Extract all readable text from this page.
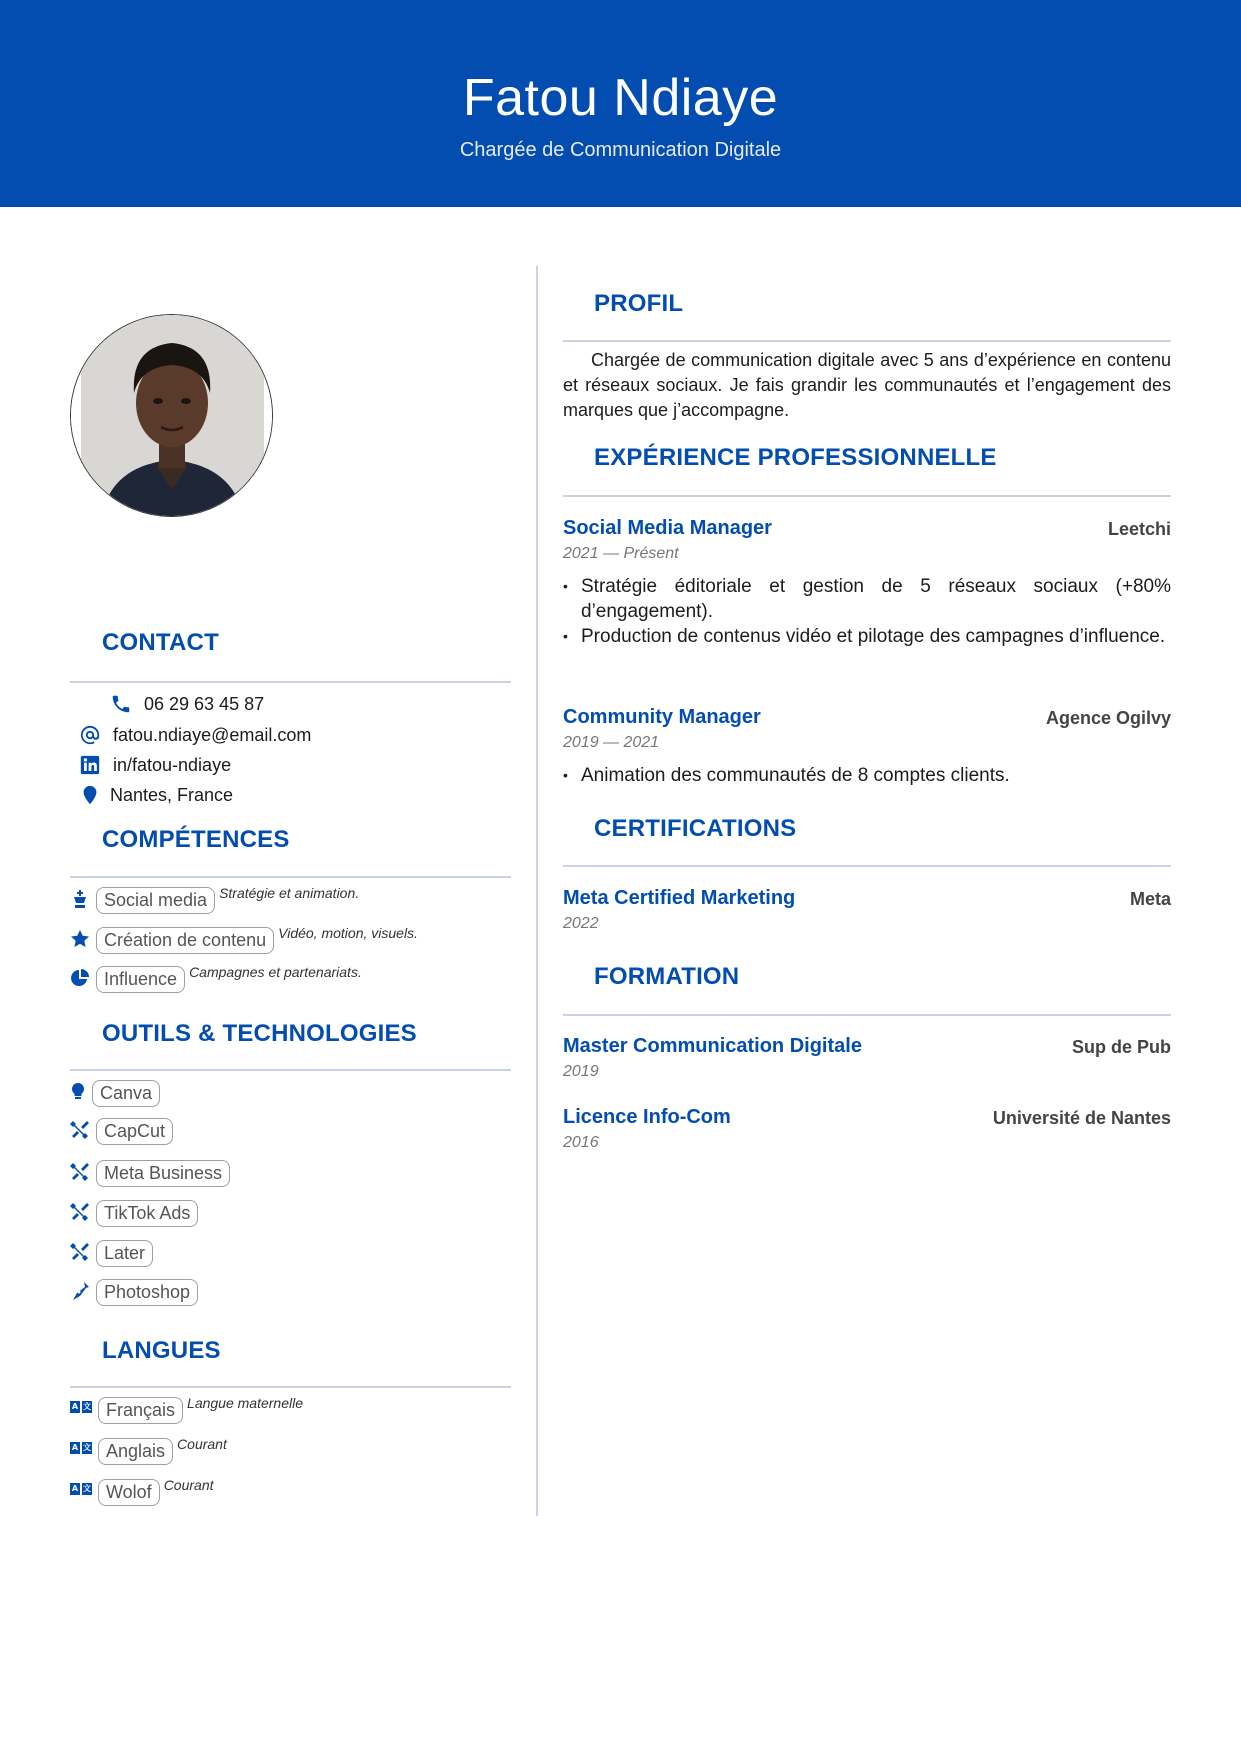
Fatou Ndiaye
Chargée de Communication Digitale
CONTACT
06 29 63 45 87
fatou.ndiaye@email.com
in/fatou-ndiaye
Nantes, France
COMPÉTENCES
Social media Stratégie et animation.
Création de contenu Vidéo, motion, visuels.
Influence Campagnes et partenariats.
OUTILS & TECHNOLOGIES
Canva
CapCut
Meta Business
TikTok Ads
Later
Photoshop
LANGUES
A 文 Français Langue maternelle
A 文 Anglais Courant
A 文 Wolof Courant
PROFIL
Chargée de communication digitale avec 5 ans d’expérience en contenu et réseaux sociaux. Je fais grandir les communautés et l’engagement des marques que j’accompagne.
EXPÉRIENCE PROFESSIONNELLE
Social Media Manager	Leetchi
2021 — Présent
• Stratégie éditoriale et gestion de 5 réseaux sociaux (+80% d’engagement).
• Production de contenus vidéo et pilotage des campagnes d’influence.
Community Manager	Agence Ogilvy
2019 — 2021
• Animation des communautés de 8 comptes clients.
CERTIFICATIONS
Meta Certified Marketing	Meta
2022
FORMATION
Master Communication Digitale	Sup de Pub
2019
Licence Info-Com	Université de Nantes
2016
